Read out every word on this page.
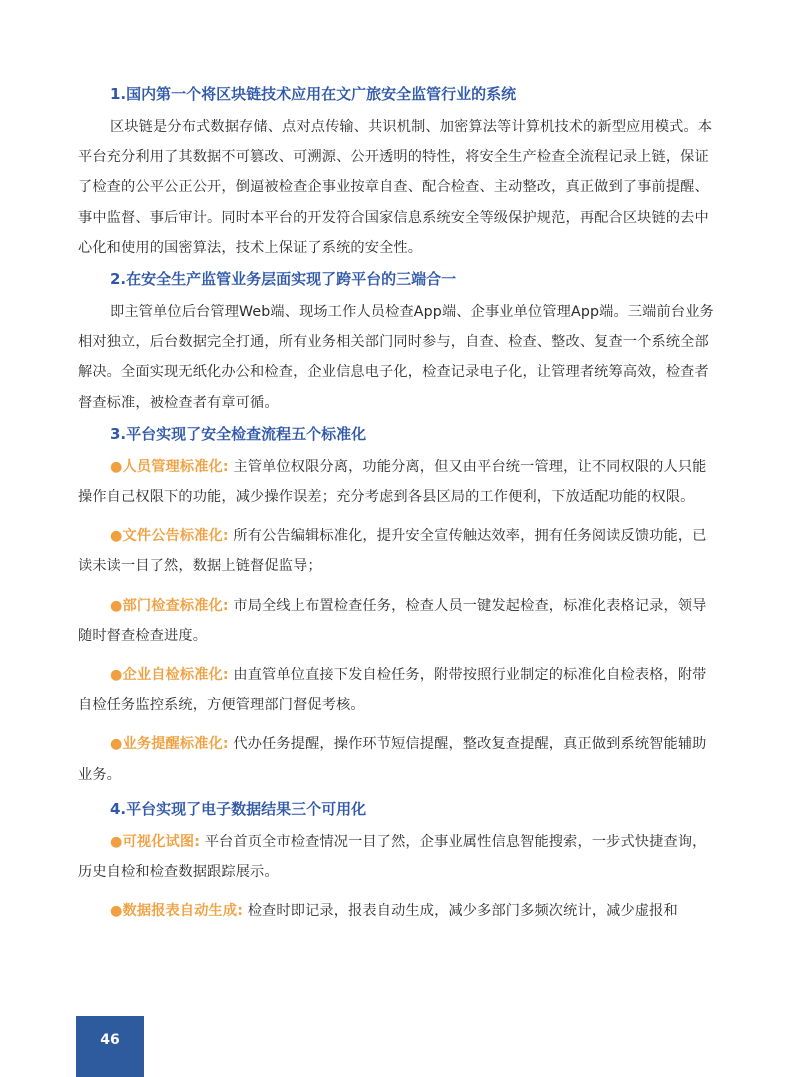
1.国内第一个将区块链技术应用在文广旅安全监管行业的系统

区块链是分布式数据存储、点对点传输、共识机制、加密算法等计算机技术的新型应用模式。本平台充分利用了其数据不可篡改、可溯源、公开透明的特性，将安全生产检查全流程记录上链，保证了检查的公平公正公开，倒逼被检查企事业按章自查、配合检查、主动整改，真正做到了事前提醒、事中监督、事后审计。同时本平台的开发符合国家信息系统安全等级保护规范，再配合区块链的去中心化和使用的国密算法，技术上保证了系统的安全性。

2.在安全生产监管业务层面实现了跨平台的三端合一

即主管单位后台管理Web端、现场工作人员检查App端、企事业单位管理App端。三端前台业务相对独立，后台数据完全打通，所有业务相关部门同时参与，自查、检查、整改、复查一个系统全部解决。全面实现无纸化办公和检查，企业信息电子化，检查记录电子化，让管理者统筹高效，检查者督查标准，被检查者有章可循。

3.平台实现了安全检查流程五个标准化

●人员管理标准化: 主管单位权限分离，功能分离，但又由平台统一管理，让不同权限的人只能操作自己权限下的功能，减少操作误差；充分考虑到各县区局的工作便利，下放适配功能的权限。

●文件公告标准化: 所有公告编辑标准化，提升安全宣传触达效率，拥有任务阅读反馈功能，已读未读一目了然，数据上链督促监导；

●部门检查标准化: 市局全线上布置检查任务，检查人员一键发起检查，标准化表格记录，领导随时督查检查进度。

●企业自检标准化: 由直管单位直接下发自检任务，附带按照行业制定的标准化自检表格，附带自检任务监控系统，方便管理部门督促考核。

●业务提醒标准化: 代办任务提醒，操作环节短信提醒，整改复查提醒，真正做到系统智能辅助业务。

4.平台实现了电子数据结果三个可用化

●可视化试图: 平台首页全市检查情况一目了然，企事业属性信息智能搜索，一步式快捷查询，历史自检和检查数据跟踪展示。

●数据报表自动生成: 检查时即记录，报表自动生成，减少多部门多频次统计，减少虚报和

46
